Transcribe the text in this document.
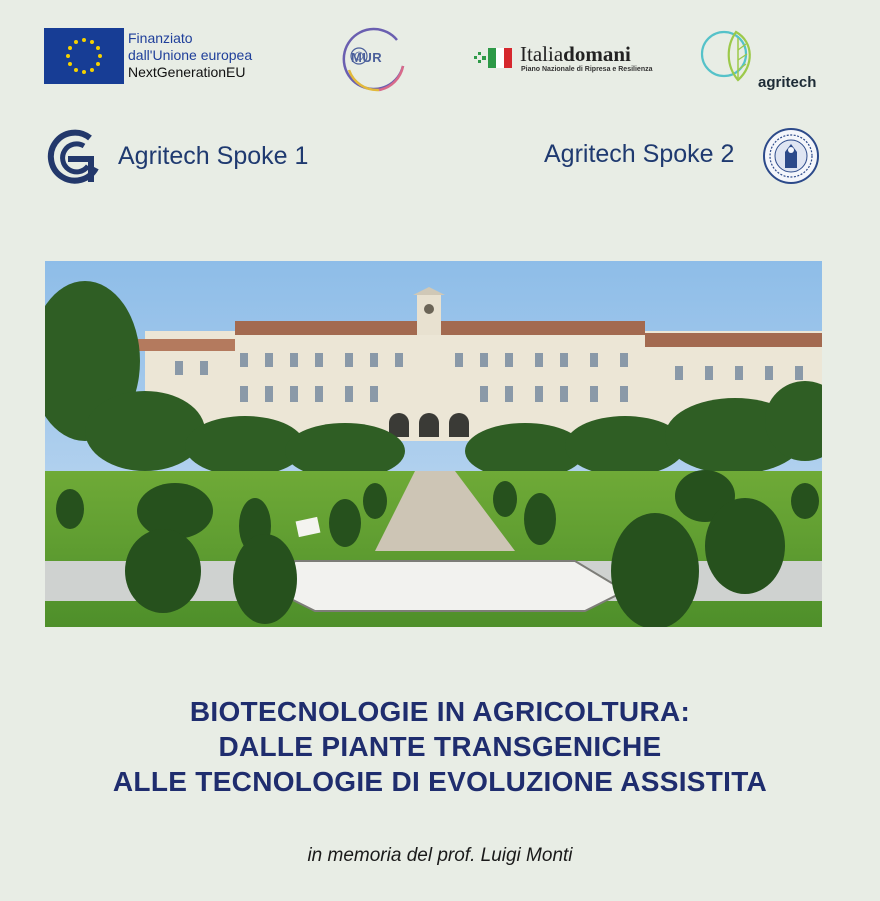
Finanziato
dall'Unione europea
NextGenerationEU
MUR	Italiadomani
Piano Nazionale di Ripresa e Resilienza
agritech
Agritech Spoke 1	Agritech Spoke 2
BIOTECNOLOGIE IN AGRICOLTURA:
DALLE PIANTE TRANSGENICHE
ALLE TECNOLOGIE DI EVOLUZIONE ASSISTITA
in memoria del prof. Luigi Monti
